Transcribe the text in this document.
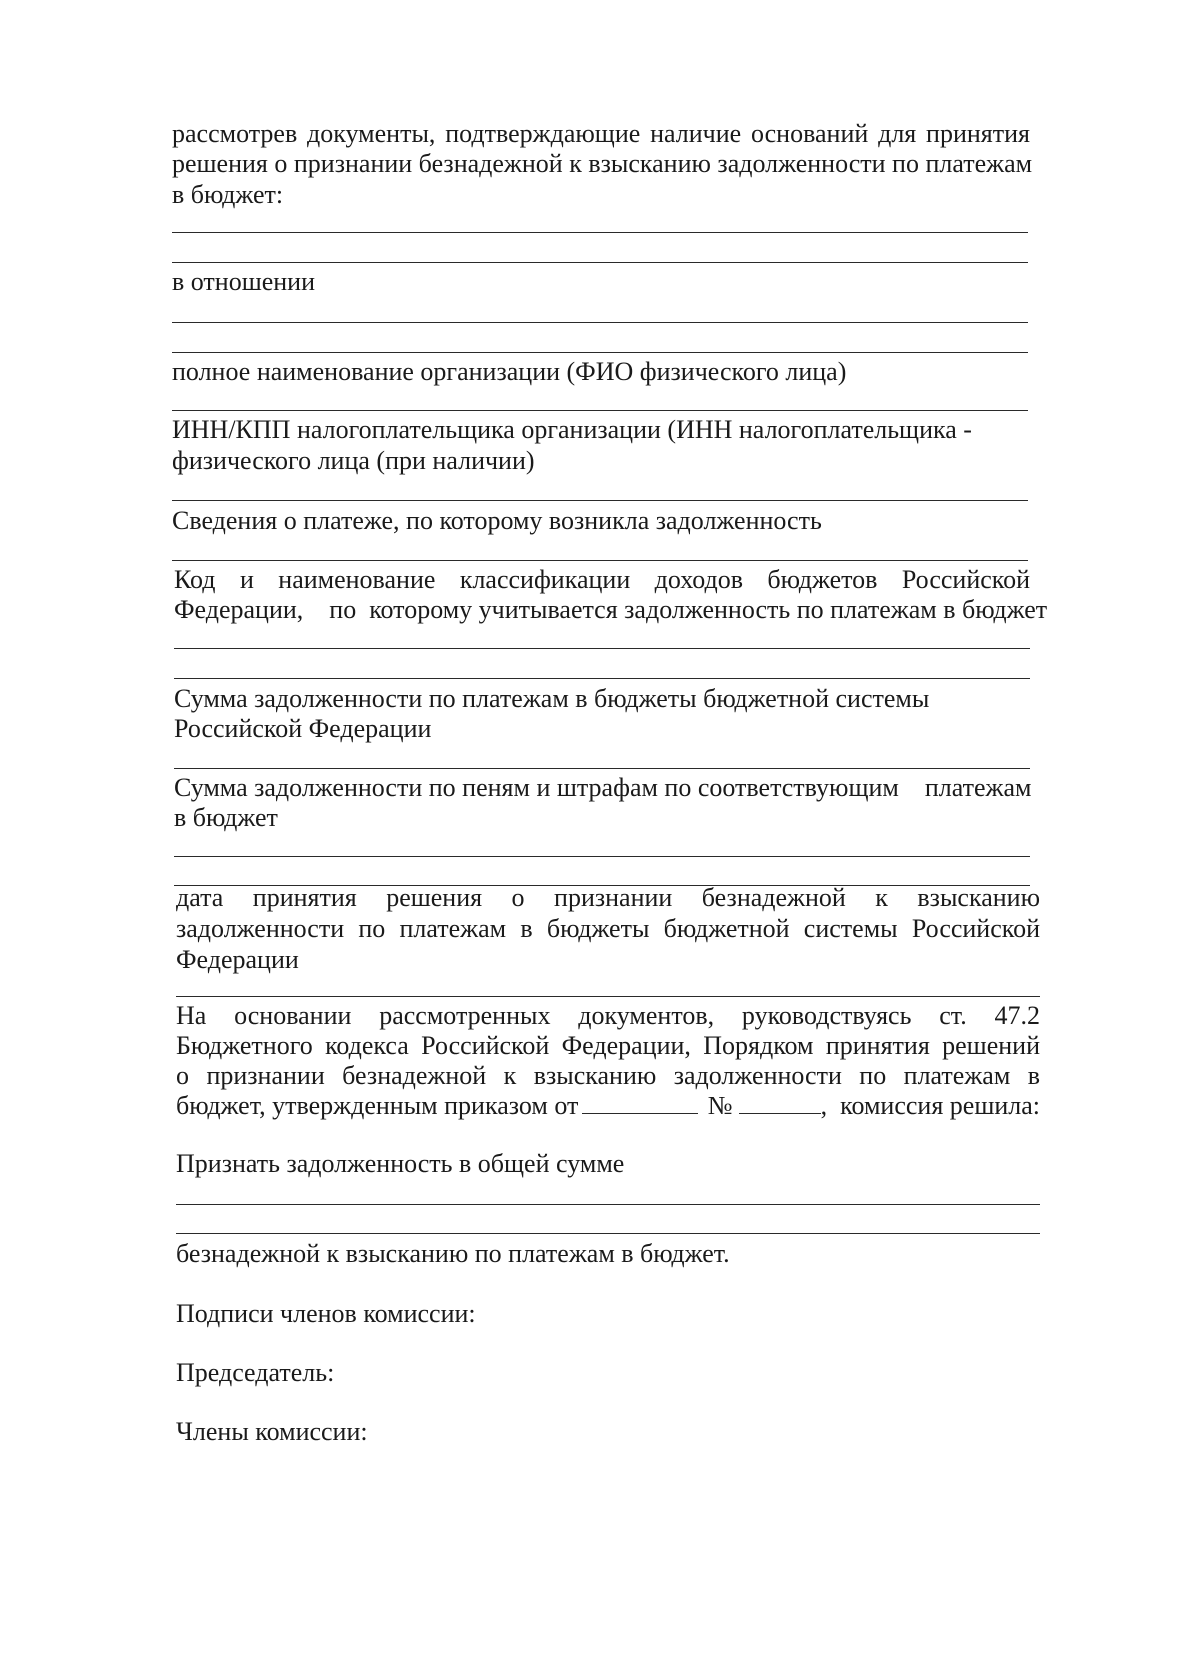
рассмотрев документы, подтверждающие наличие оснований для принятия
решения о признании безнадежной к взысканию задолженности по платежам
в бюджет:
в отношении
полное наименование организации (ФИО физического лица)
ИНН/КПП налогоплательщика организации (ИНН налогоплательщика -
физического лица (при наличии)
Сведения о платеже, по которому возникла задолженность
Код и наименование классификации доходов бюджетов Российской
Федерации,    по  которому учитывается задолженность по платежам в бюджет
Сумма задолженности по платежам в бюджеты бюджетной системы
Российской Федерации
Сумма задолженности по пеням и штрафам по соответствующим    платежам
в бюджет
дата принятия решения о признании безнадежной к взысканию
задолженности по платежам в бюджеты бюджетной системы Российской
Федерации
На основании рассмотренных документов, руководствуясь ст. 47.2
Бюджетного кодекса Российской Федерации, Порядком принятия решений
о признании безнадежной к взысканию задолженности по платежам в
бюджет, утвержденным приказом от	№	,  комиссия решила:
Признать задолженность в общей сумме
безнадежной к взысканию по платежам в бюджет.
Подписи членов комиссии:
Председатель:
Члены комиссии:
